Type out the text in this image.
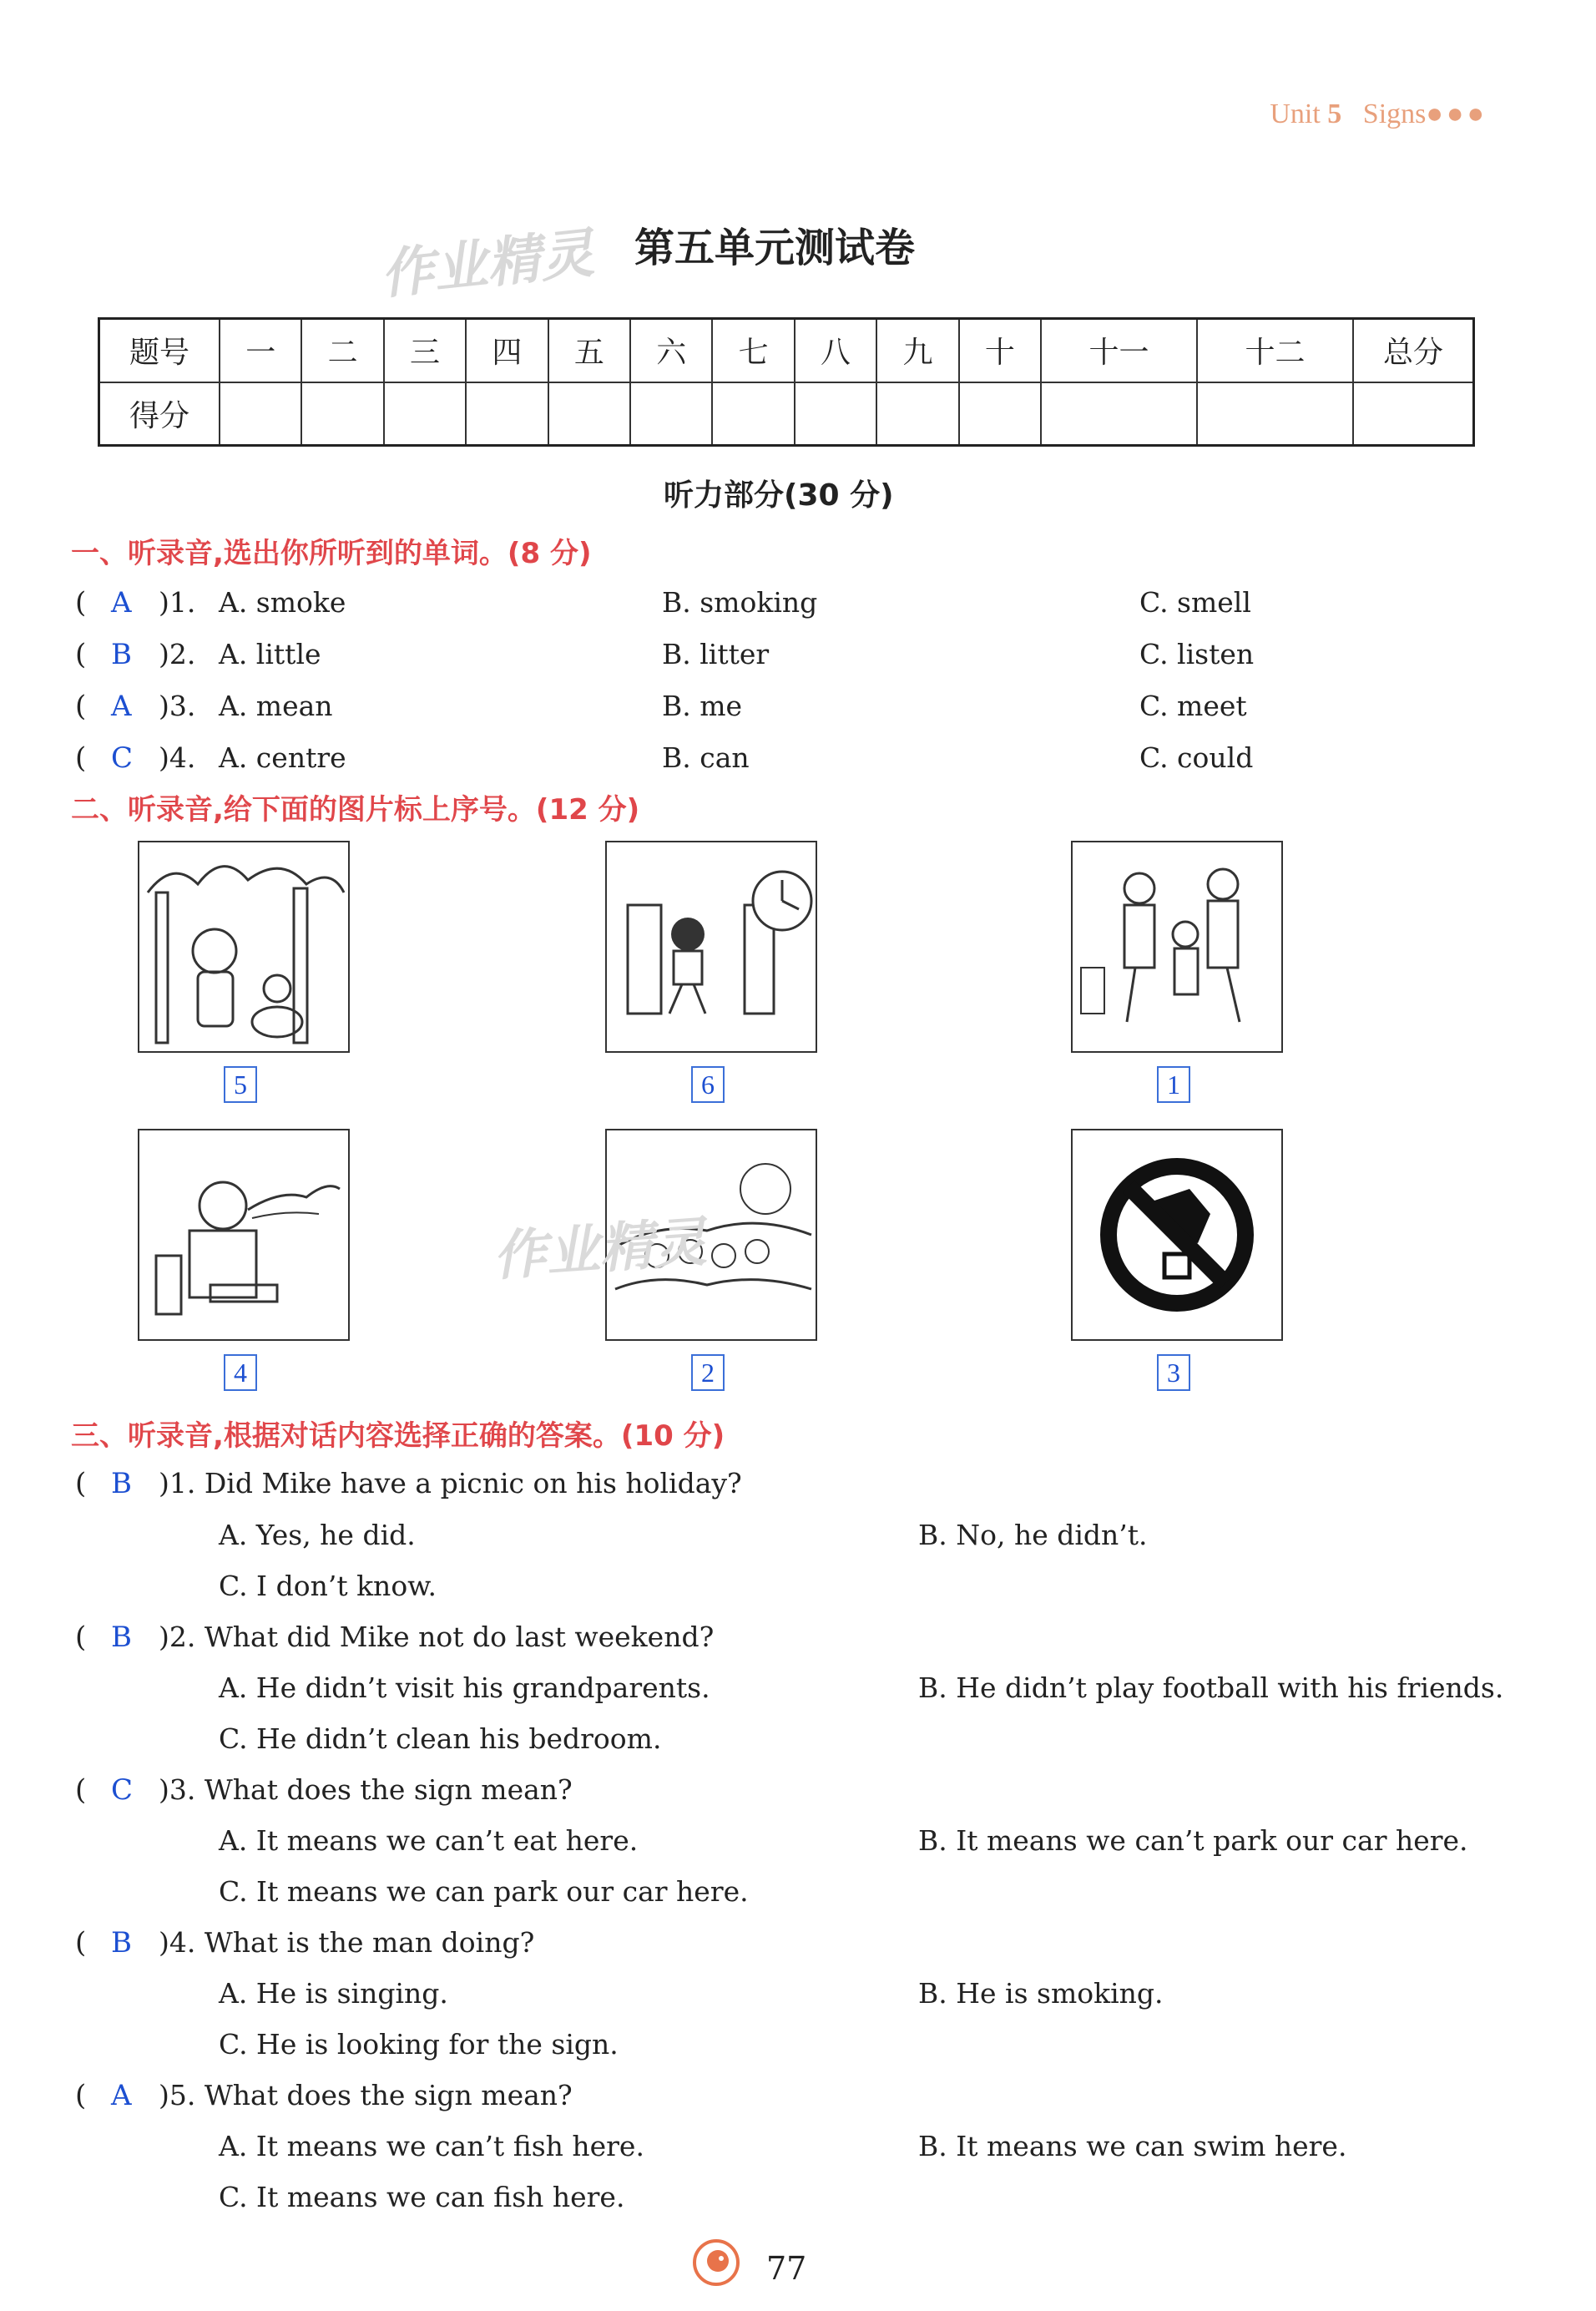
Unit 5 Signs●●●
作业精灵 第五单元测试卷
题号	一	二	三	四	五	六	七	八	九	十	十一	十二	总分
得分													
听力部分(30 分)
一、听录音,选出你所听到的单词。(8 分)
( A )1. A. smoke	B. smoking	C. smell
( B )2. A. little	B. litter	C. listen
( A )3. A. mean	B. me	C. meet
( C )4. A. centre	B. can	C. could
二、听录音,给下面的图片标上序号。(12 分)
5	6	1
作业精灵
4	2	3
三、听录音,根据对话内容选择正确的答案。(10 分)
( B )1. Did Mike have a picnic on his holiday?
A. Yes, he did.	B. No, he didn’t.
C. I don’t know.
( B )2. What did Mike not do last weekend?
A. He didn’t visit his grandparents.	B. He didn’t play football with his friends.
C. He didn’t clean his bedroom.
( C )3. What does the sign mean?
A. It means we can’t eat here.	B. It means we can’t park our car here.
C. It means we can park our car here.
( B )4. What is the man doing?
A. He is singing.	B. He is smoking.
C. He is looking for the sign.
( A )5. What does the sign mean?
A. It means we can’t fish here.	B. It means we can swim here.
C. It means we can fish here.
77
